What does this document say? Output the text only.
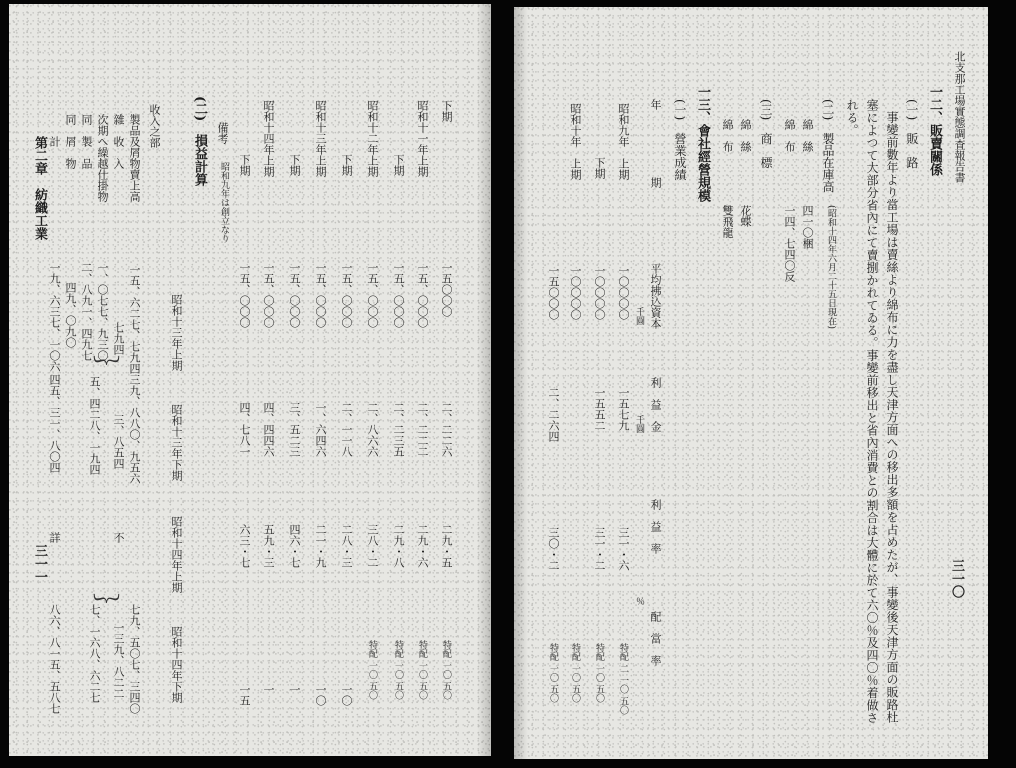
下期
一五〇〇〇
二、二二六
二九・五
特配 一〇 五〇
昭和十一年上期
一五、〇〇〇
二、二二二
二九・六
特配 一〇 五〇
下期
一五、〇〇〇
二、二三五
二九・八
特配 一〇 五〇
昭和十二年上期
一五、〇〇〇
二、八六六
三八・二
特配 一〇 五〇
下期
一五、〇〇〇
二、一一八
二八・三
一〇
昭和十三年上期
一五、〇〇〇
一、六四六
二一・九
一〇
下期
一五、〇〇〇
三、五二三
四六・七
一
昭和十四年上期
一五、〇〇〇
四、四四六
五九・三
一
下期
一五、〇〇〇
四、七八一
六三・七
一五
備考
昭和九年は創立なり
(二)　損益計算
昭和十三年上期
昭和十三年下期
昭和十四年上期
昭和十四年下期
收入之部
製品及屑物賣上高
一五、六二七、七九四
三九、八八〇、九五六
七九、五〇七、三四〇
雜　收　入
七九四
三、八五四
不
一三九、八二二
次期へ繰越仕掛物
一、〇七七、九三〇
同　製　品
二、八九一、四九七
五、四二八、一九四
七、一六八、六二七
同　屑　物
四九、〇九〇
︸
︸
計
一九、六三七、一〇六
四五、三一、八〇四
詳
八六、八一五、五八七
第二章　紡織工業
三一一
北支那工場實態調査報告書
三一〇
一二、販賣關係
(一)　販　路
事變前數年より當工場は賣絲より綿布に力を盡し天津方面への移出多額を占めたが、事變後天津方面の販路杜
塞によつて大部分省內にて賣捌かれてゐる。事變前移出と省內消費との割合は大體に於て六〇％及四〇％着做さ
れる。
(二)　製品在庫高
(昭和十四年六月二十五日現在)
綿　絲
四一〇梱
綿　布
一四、七四〇反
(三)　商　標
綿　絲
花蝶
綿　布
雙飛龍
一三、會社經營規模
(一)　營業成績
年
期
平均拂込資本
利　益　金
利　益　率
配　當　率
千圓
千圓
％
昭和九年　上期
一〇〇〇〇
一五七九
三一・六
特配 二 一〇 五〇
下期
一〇〇〇〇
一五五二
三一・二
特配 一〇 五〇
昭和十年　上期
一〇〇〇〇
特配 一〇 五〇
一五〇〇〇
二、二六四
三〇・二
特配 一〇 五〇
